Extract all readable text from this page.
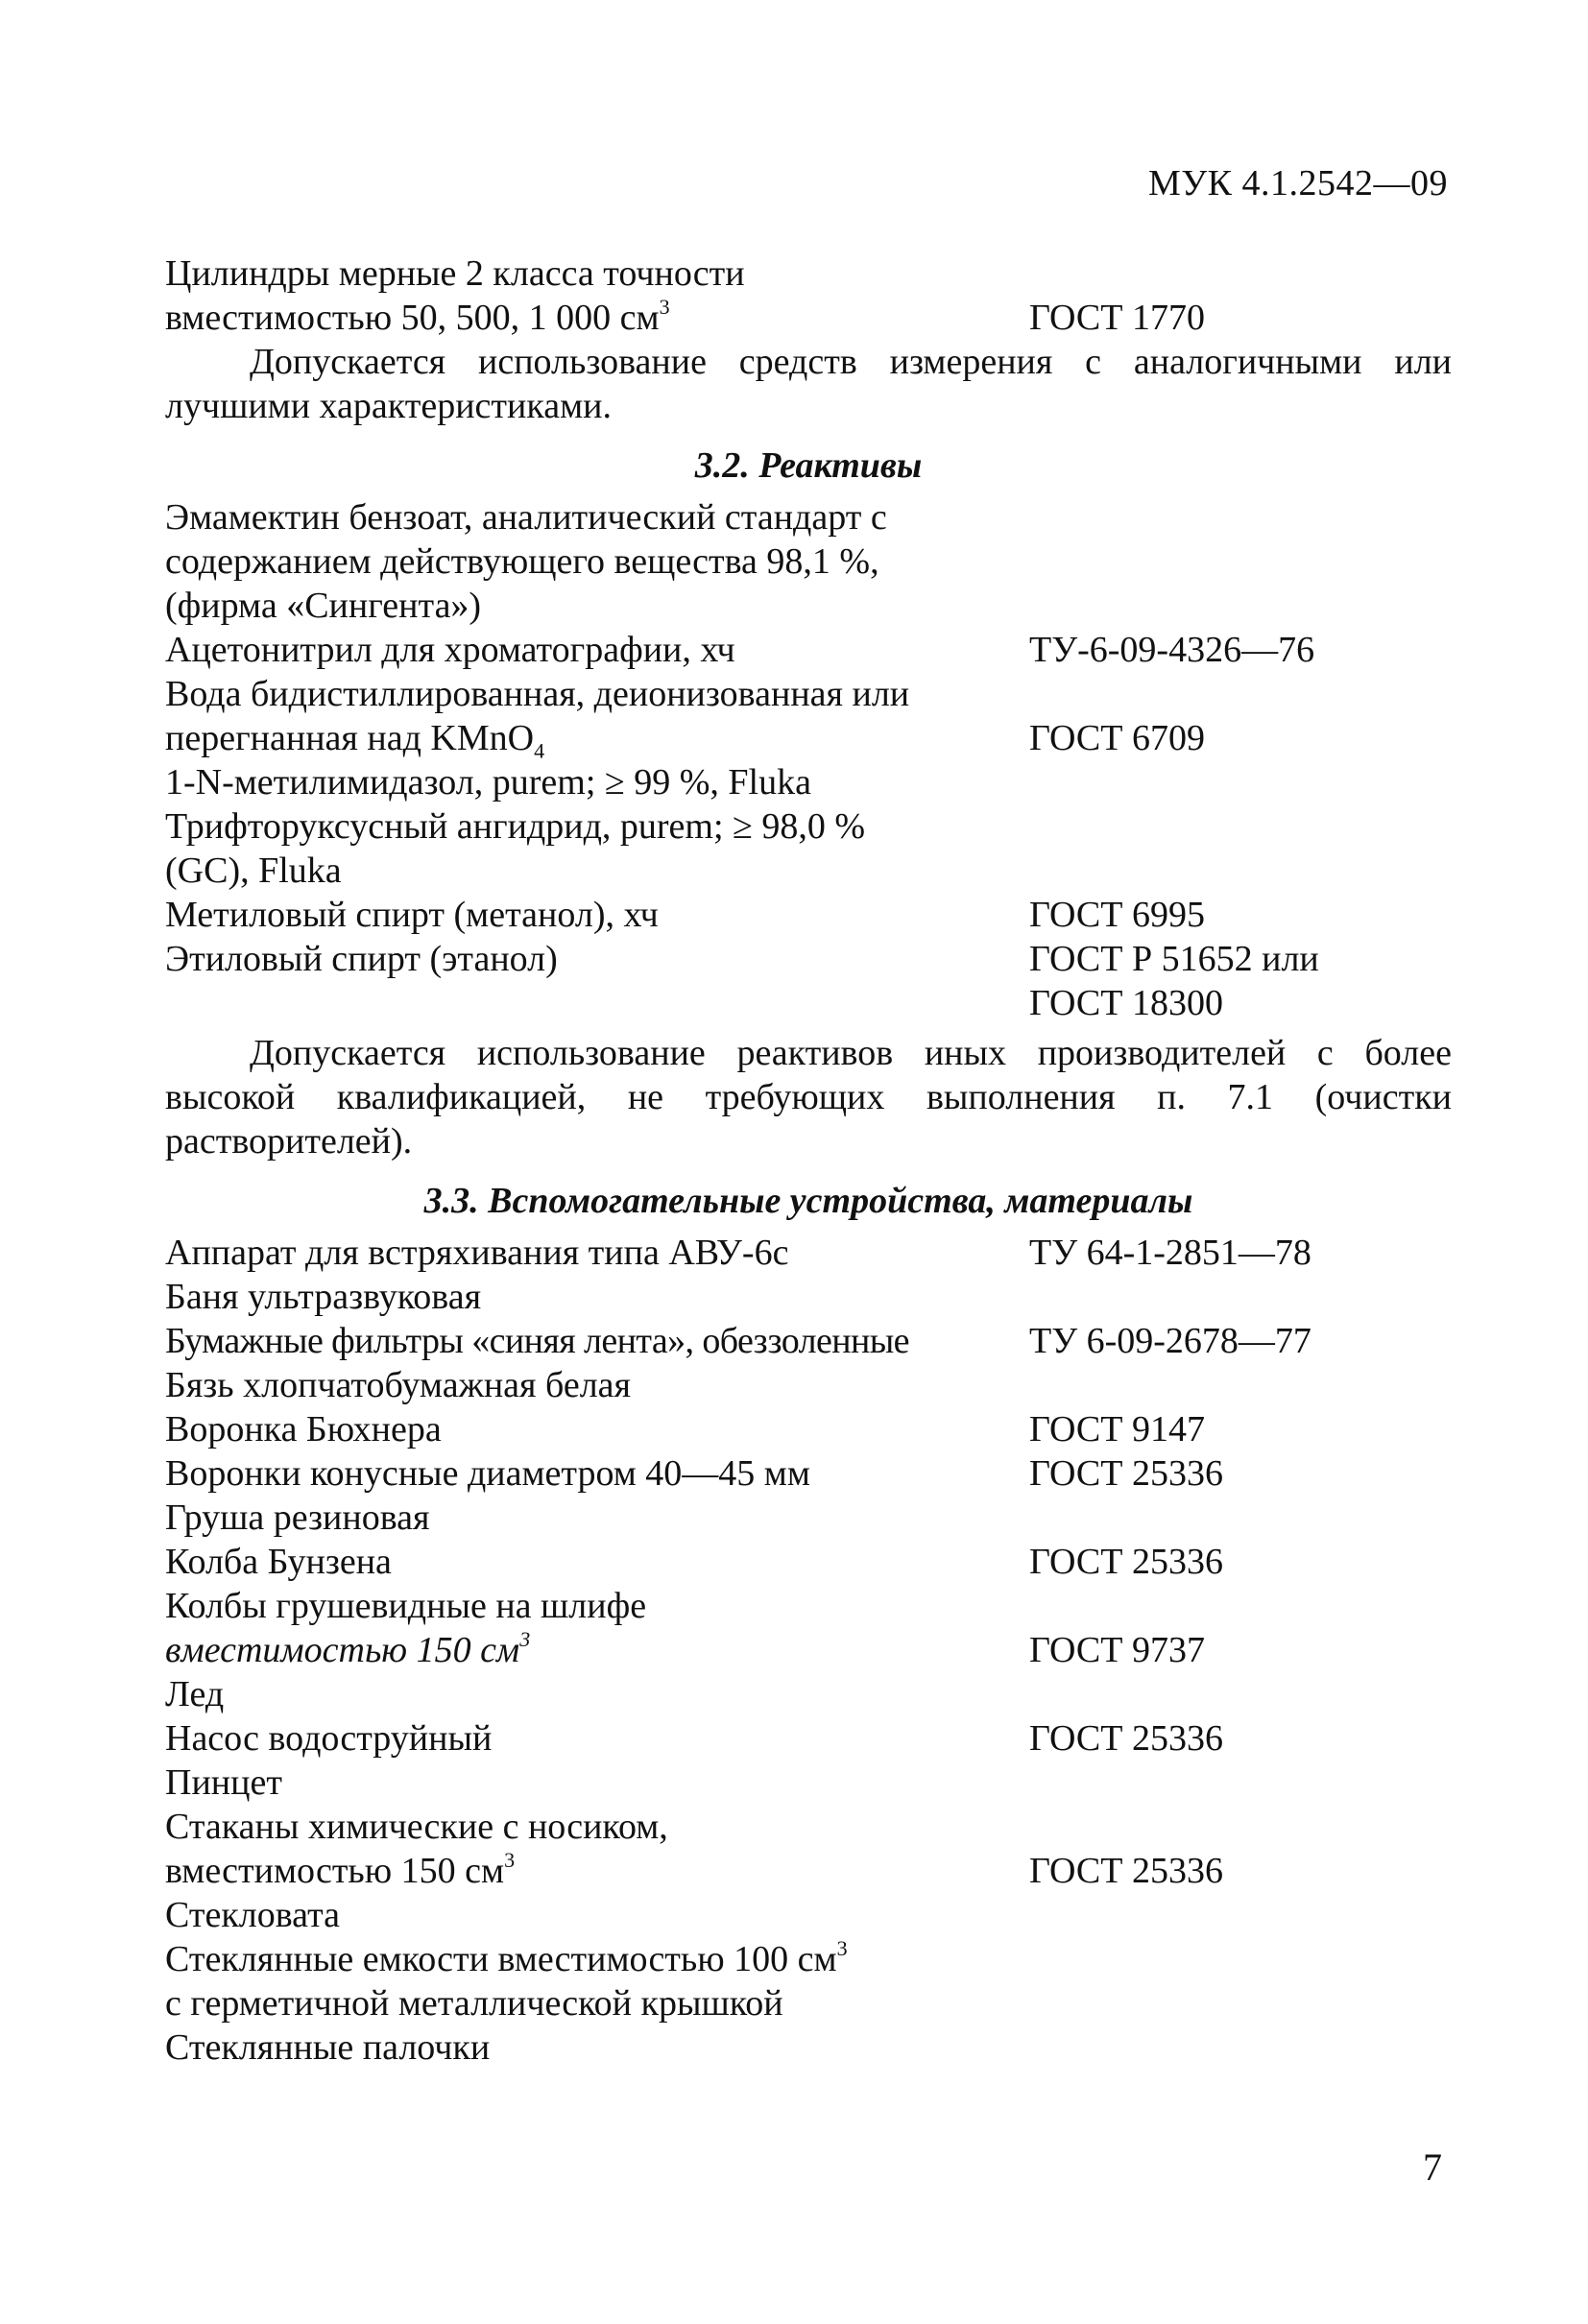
МУК 4.1.2542—09
Цилиндры мерные 2 класса точности
вместимостью 50, 500, 1 000 $см^3$	ГОСТ 1770

Допускается использование средств измерения с аналогичными или лучшими характеристиками.

3.2. Реактивы
Эмамектин бензоат, аналитический стандарт с
содержанием действующего вещества 98,1 %,
(фирма «Сингента»)
Ацетонитрил для хроматографии, хч	ТУ-6-09-4326—76
Вода бидистиллированная, деионизованная или
перегнанная над KMnO$_4$	ГОСТ 6709
1-N-метилимидазол, purem; ≥ 99 %, Fluka
Трифторуксусный ангидрид, purem; ≥ 98,0 %
(GC), Fluka
Метиловый спирт (метанол), хч	ГОСТ 6995
Этиловый спирт (этанол)	ГОСТ Р 51652 или
ГОСТ 18300

Допускается использование реактивов иных производителей с более высокой квалификацией, не требующих выполнения п. 7.1 (очистки растворителей).

3.3. Вспомогательные устройства, материалы
Аппарат для встряхивания типа АВУ-6с	ТУ 64-1-2851—78
Баня ультразвуковая
Бумажные фильтры «синяя лента», обеззоленные	ТУ 6-09-2678—77
Бязь хлопчатобумажная белая
Воронка Бюхнера	ГОСТ 9147
Воронки конусные диаметром 40—45 мм	ГОСТ 25336
Груша резиновая
Колба Бунзена	ГОСТ 25336
Колбы грушевидные на шлифе
вместимостью 150 $см^3$	ГОСТ 9737
Лед
Насос водоструйный	ГОСТ 25336
Пинцет
Стаканы химические с носиком,
вместимостью 150 $см^3$	ГОСТ 25336
Стекловата
Стеклянные емкости вместимостью 100 $см^3$
с герметичной металлической крышкой
Стеклянные палочки
7
